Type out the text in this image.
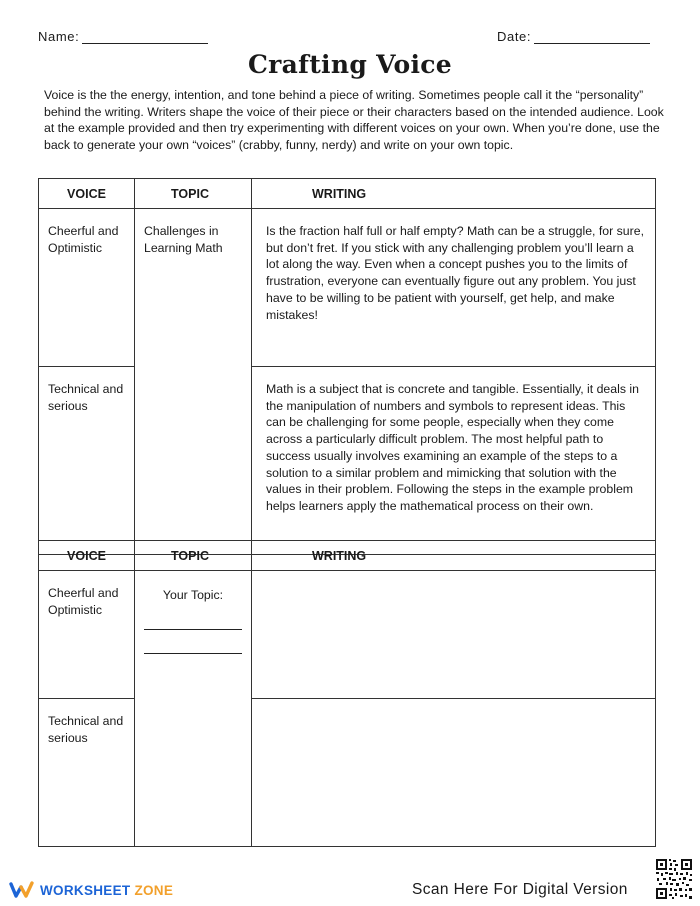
Name:	Date:
Crafting Voice

Voice is the the energy, intention, and tone behind a piece of writing. Sometimes people call it the “personality” behind the writing. Writers shape the voice of their piece or their characters based on the intended audience. Look at the example provided and then try experimenting with different voices on your own. When you’re done, use the back to generate your own “voices” (crabby, funny, nerdy) and write on your own topic.

VOICE	TOPIC	WRITING

Cheerful and Optimistic	Challenges in Learning Math	Is the fraction half full or half empty? Math can be a struggle, for sure, but don’t fret. If you stick with any challenging problem you’ll learn a lot along the way. Even when a concept pushes you to the limits of frustration, everyone can eventually figure out any problem. You just have to be willing to be patient with yourself, get help, and make mistakes!

Technical and serious		Math is a subject that is concrete and tangible. Essentially, it deals in the manipulation of numbers and symbols to represent ideas. This can be challenging for some people, especially when they come across a particularly difficult problem. The most helpful path to success usually involves examining an example of the steps to a solution to a similar problem and mimicking that solution with the values in their problem. Following the steps in the example problem helps learners apply the mathematical process on their own.
VOICE	TOPIC	WRITING

Cheerful and Optimistic	Your Topic:	

Technical and serious		

WORKSHEET ZONE	Scan Here For Digital Version
